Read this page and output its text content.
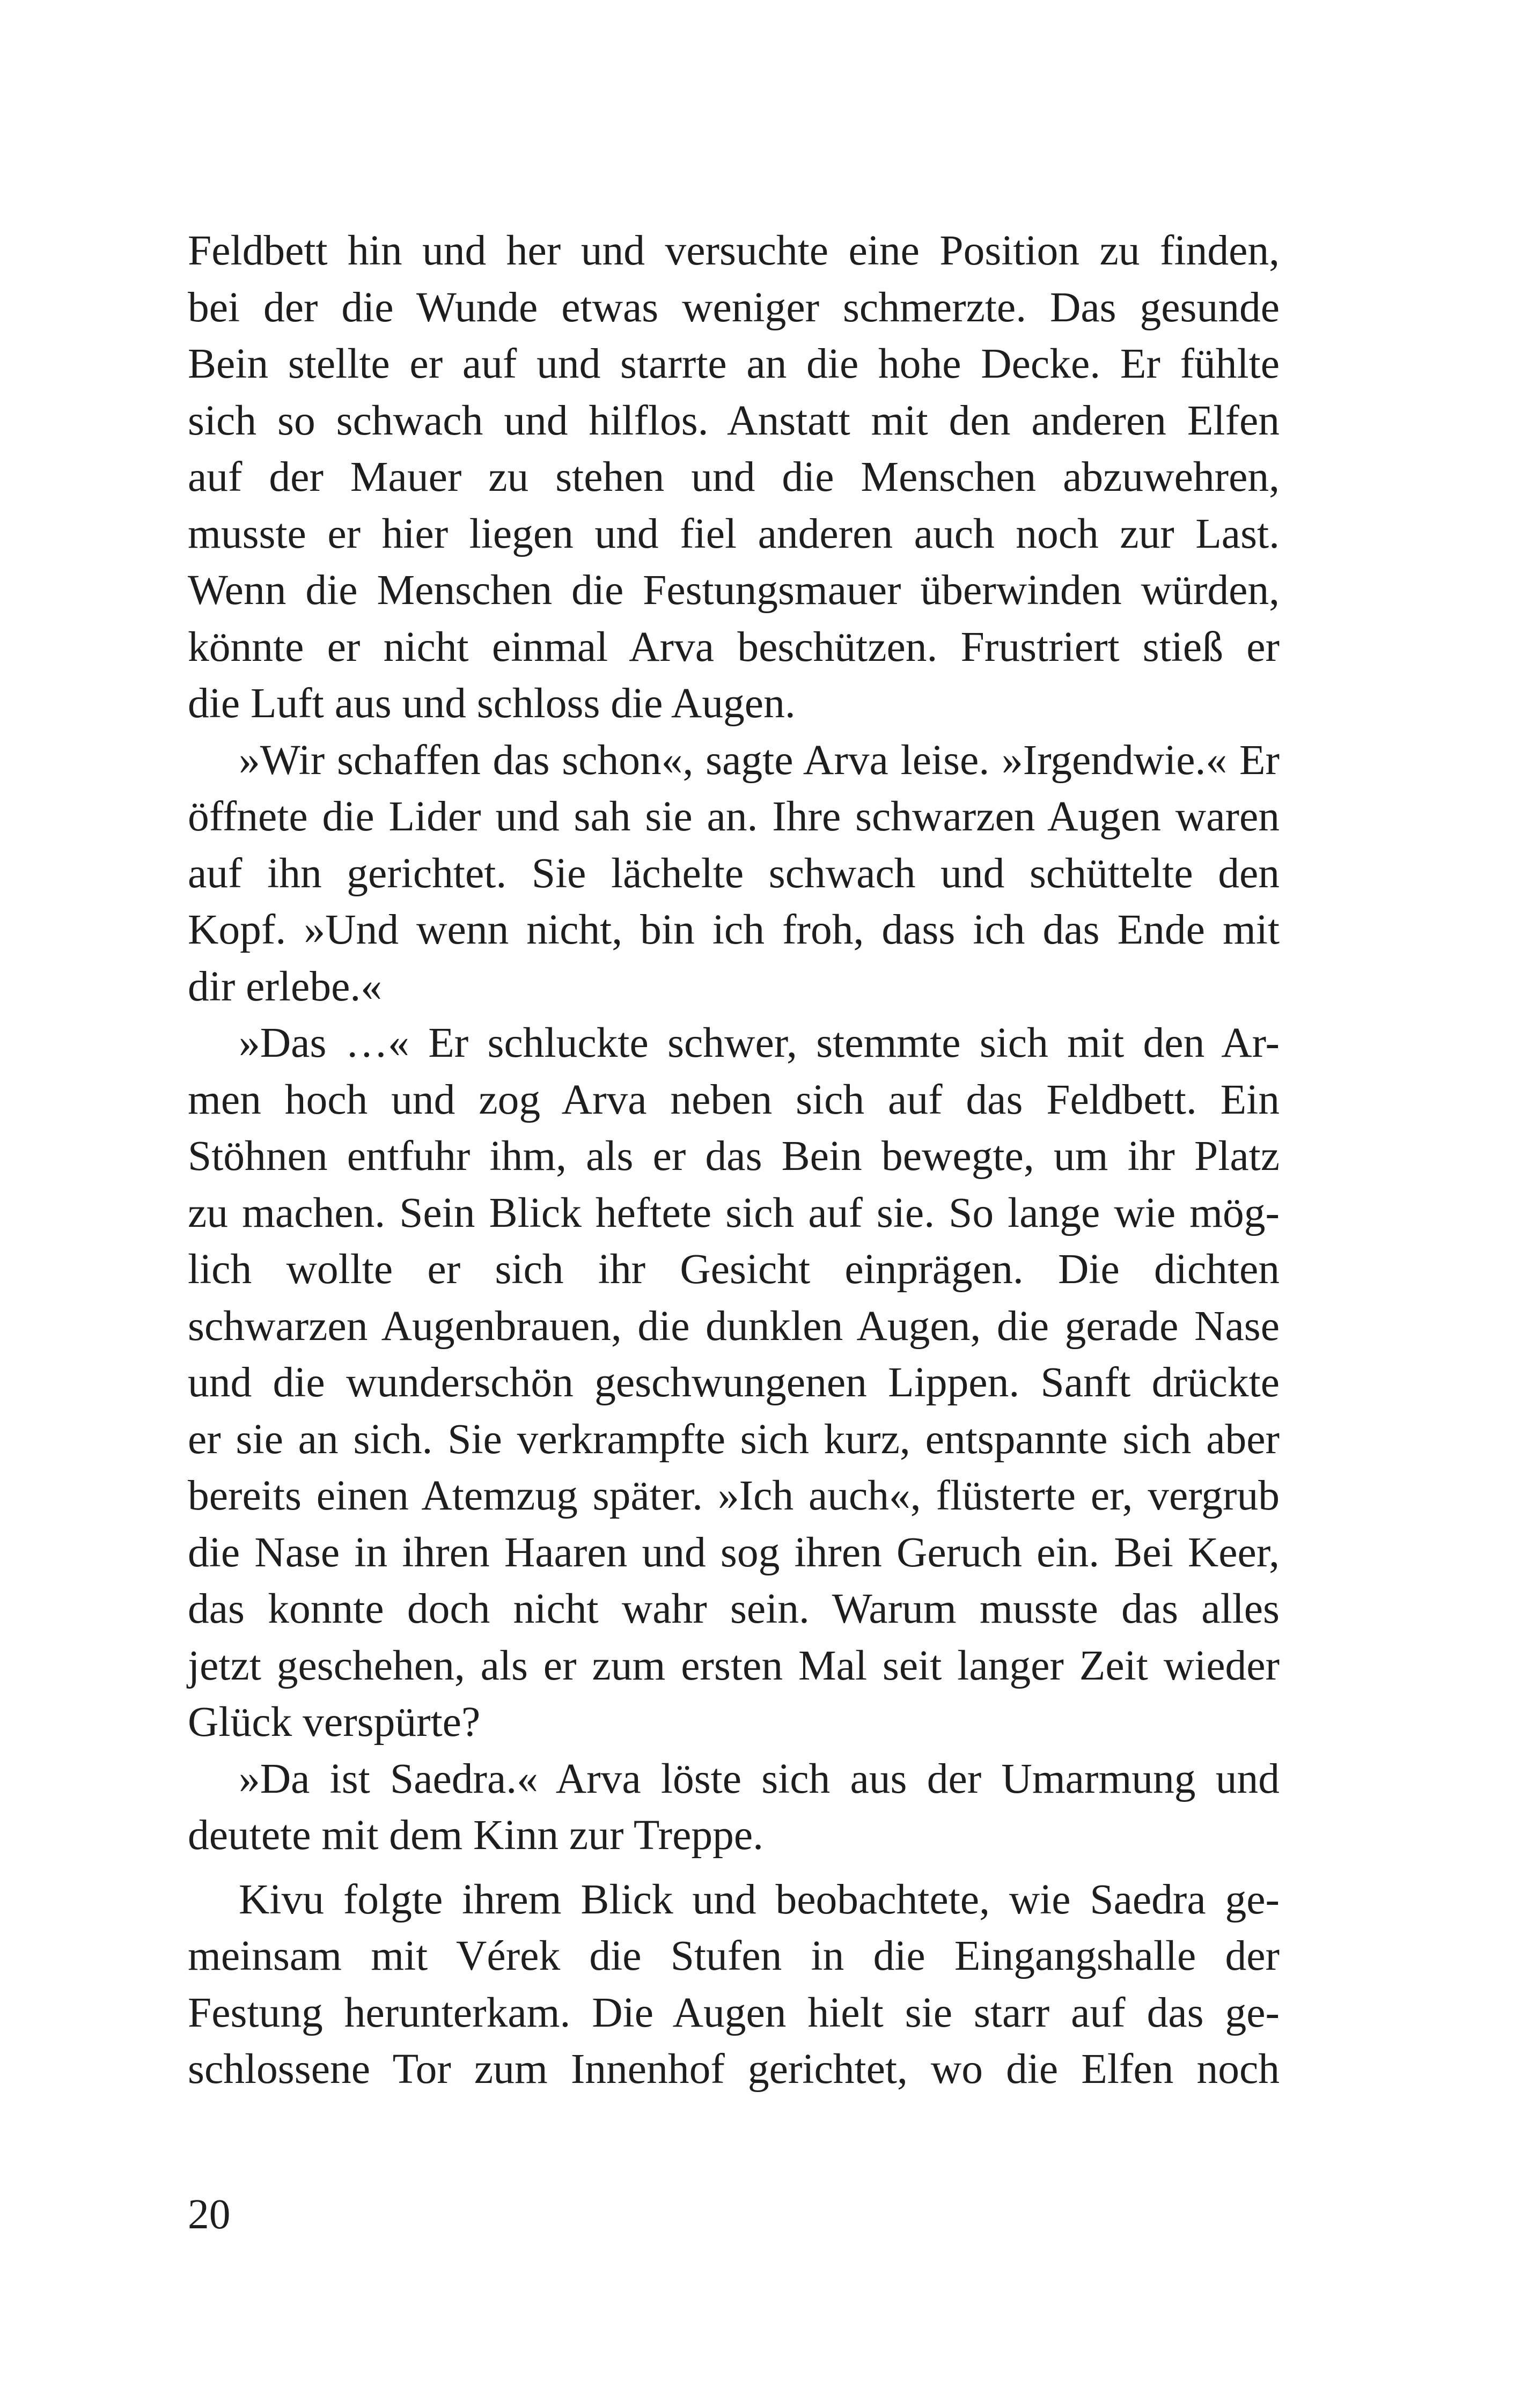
Feldbett hin und her und versuchte eine Position zu finden,
bei der die Wunde etwas weniger schmerzte. Das gesunde
Bein stellte er auf und starrte an die hohe Decke. Er fühlte
sich so schwach und hilflos. Anstatt mit den anderen Elfen
auf der Mauer zu stehen und die Menschen abzuwehren,
musste er hier liegen und fiel anderen auch noch zur Last.
Wenn die Menschen die Festungsmauer überwinden würden,
könnte er nicht einmal Arva beschützen. Frustriert stieß er
die Luft aus und schloss die Augen.
»Wir schaffen das schon«, sagte Arva leise. »Irgendwie.« Er
öffnete die Lider und sah sie an. Ihre schwarzen Augen waren
auf ihn gerichtet. Sie lächelte schwach und schüttelte den
Kopf. »Und wenn nicht, bin ich froh, dass ich das Ende mit
dir erlebe.«
»Das …« Er schluckte schwer, stemmte sich mit den Ar-
men hoch und zog Arva neben sich auf das Feldbett. Ein
Stöhnen entfuhr ihm, als er das Bein bewegte, um ihr Platz
zu machen. Sein Blick heftete sich auf sie. So lange wie mög-
lich wollte er sich ihr Gesicht einprägen. Die dichten
schwarzen Augenbrauen, die dunklen Augen, die gerade Nase
und die wunderschön geschwungenen Lippen. Sanft drückte
er sie an sich. Sie verkrampfte sich kurz, entspannte sich aber
bereits einen Atemzug später. »Ich auch«, flüsterte er, vergrub
die Nase in ihren Haaren und sog ihren Geruch ein. Bei Keer,
das konnte doch nicht wahr sein. Warum musste das alles
jetzt geschehen, als er zum ersten Mal seit langer Zeit wieder
Glück verspürte?
»Da ist Saedra.« Arva löste sich aus der Umarmung und
deutete mit dem Kinn zur Treppe.
Kivu folgte ihrem Blick und beobachtete, wie Saedra ge-
meinsam mit Vérek die Stufen in die Eingangshalle der
Festung herunterkam. Die Augen hielt sie starr auf das ge-
schlossene Tor zum Innenhof gerichtet, wo die Elfen noch
20
